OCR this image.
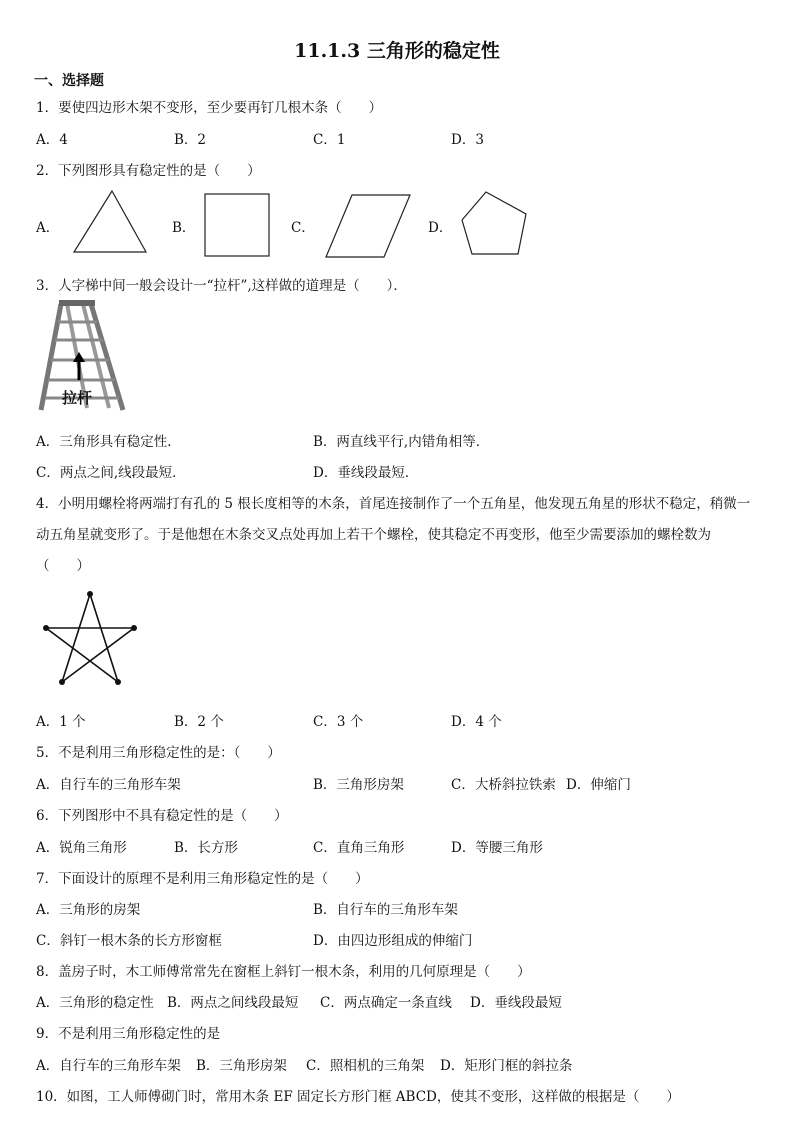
11.1.3 三角形的稳定性
一、选择题
1．要使四边形木架不变形，至少要再钉几根木条（　　）
A．4	B．2	C．1	D．3
2．下列图形具有稳定性的是（　　）
A．	B．	C．	D．
3．人字梯中间一般会设计一“拉杆”,这样做的道理是（　　）．
拉杆
A．三角形具有稳定性．	B．两直线平行,内错角相等．
C．两点之间,线段最短．	D．垂线段最短．
4．小明用螺栓将两端打有孔的 5 根长度相等的木条，首尾连接制作了一个五角星，他发现五角星的形状不稳定，稍微一
动五角星就变形了。于是他想在木条交叉点处再加上若干个螺栓，使其稳定不再变形，他至少需要添加的螺栓数为
（　　）
A．1 个	B．2 个	C．3 个	D．4 个
5．不是利用三角形稳定性的是：（　　）
A．自行车的三角形车架	B．三角形房架	C．大桥斜拉铁索 D．伸缩门
6．下列图形中不具有稳定性的是（　　）
A．锐角三角形	B．长方形	C．直角三角形	D．等腰三角形
7．下面设计的原理不是利用三角形稳定性的是（　　）
A．三角形的房架	B．自行车的三角形车架
C．斜钉一根木条的长方形窗框	D．由四边形组成的伸缩门
8．盖房子时，木工师傅常常先在窗框上斜钉一根木条，利用的几何原理是（　　）
A．三角形的稳定性 B．两点之间线段最短 C．两点确定一条直线 D．垂线段最短
9．不是利用三角形稳定性的是
A．自行车的三角形车架 B．三角形房架 C．照相机的三角架 D．矩形门框的斜拉条
10．如图，工人师傅砌门时，常用木条 EF 固定长方形门框 ABCD，使其不变形，这样做的根据是（　　）
